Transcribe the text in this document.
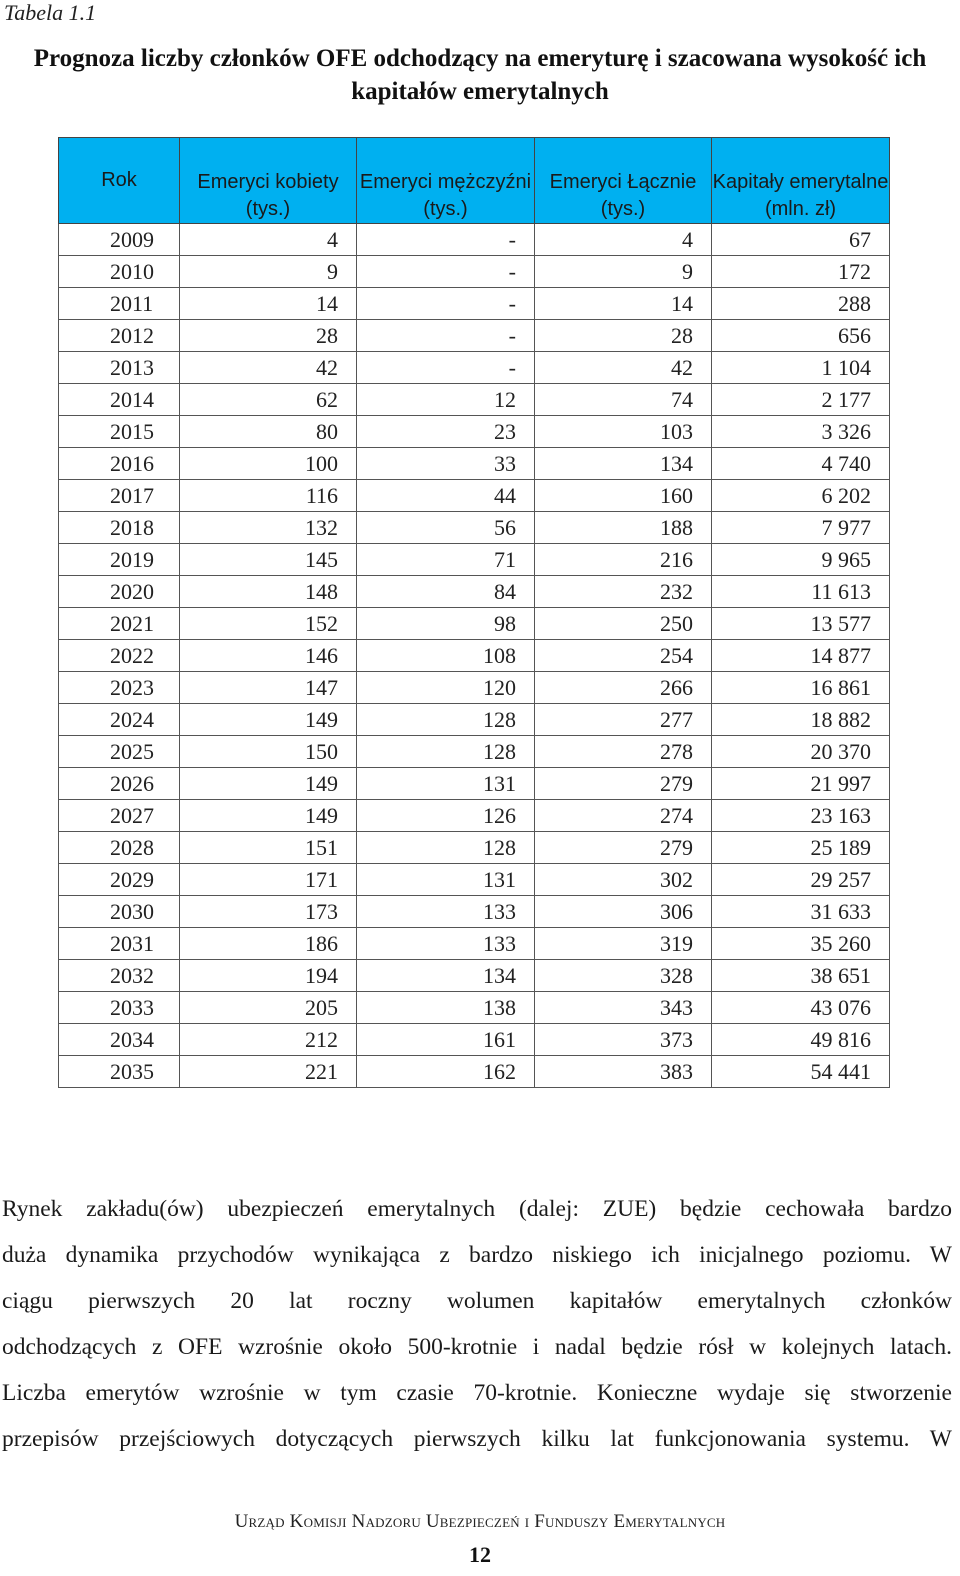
Tabela 1.1
Prognoza liczby członków OFE odchodzący na emeryturę i szacowana wysokość ich kapitałów emerytalnych
Rok	Emeryci kobiety (tys.)	Emeryci mężczyźni (tys.)	Emeryci Łącznie (tys.)	Kapitały emerytalne (mln. zł)

2009	4	-	4	67
2010	9	-	9	172
2011	14	-	14	288
2012	28	-	28	656
2013	42	-	42	1 104
2014	62	12	74	2 177
2015	80	23	103	3 326
2016	100	33	134	4 740
2017	116	44	160	6 202
2018	132	56	188	7 977
2019	145	71	216	9 965
2020	148	84	232	11 613
2021	152	98	250	13 577
2022	146	108	254	14 877
2023	147	120	266	16 861
2024	149	128	277	18 882
2025	150	128	278	20 370
2026	149	131	279	21 997
2027	149	126	274	23 163
2028	151	128	279	25 189
2029	171	131	302	29 257
2030	173	133	306	31 633
2031	186	133	319	35 260
2032	194	134	328	38 651
2033	205	138	343	43 076
2034	212	161	373	49 816
2035	221	162	383	54 441
Rynek zakładu(ów) ubezpieczeń emerytalnych (dalej: ZUE) będzie cechowała bardzo
duża dynamika przychodów wynikająca z bardzo niskiego ich inicjalnego poziomu. W
ciągu pierwszych 20 lat roczny wolumen kapitałów emerytalnych członków
odchodzących z OFE wzrośnie około 500-krotnie i nadal będzie rósł w kolejnych latach.
Liczba emerytów wzrośnie w tym czasie 70-krotnie. Konieczne wydaje się stworzenie
przepisów przejściowych dotyczących pierwszych kilku lat funkcjonowania systemu. W
Urząd Komisji Nadzoru Ubezpieczeń i Funduszy Emerytalnych
12
